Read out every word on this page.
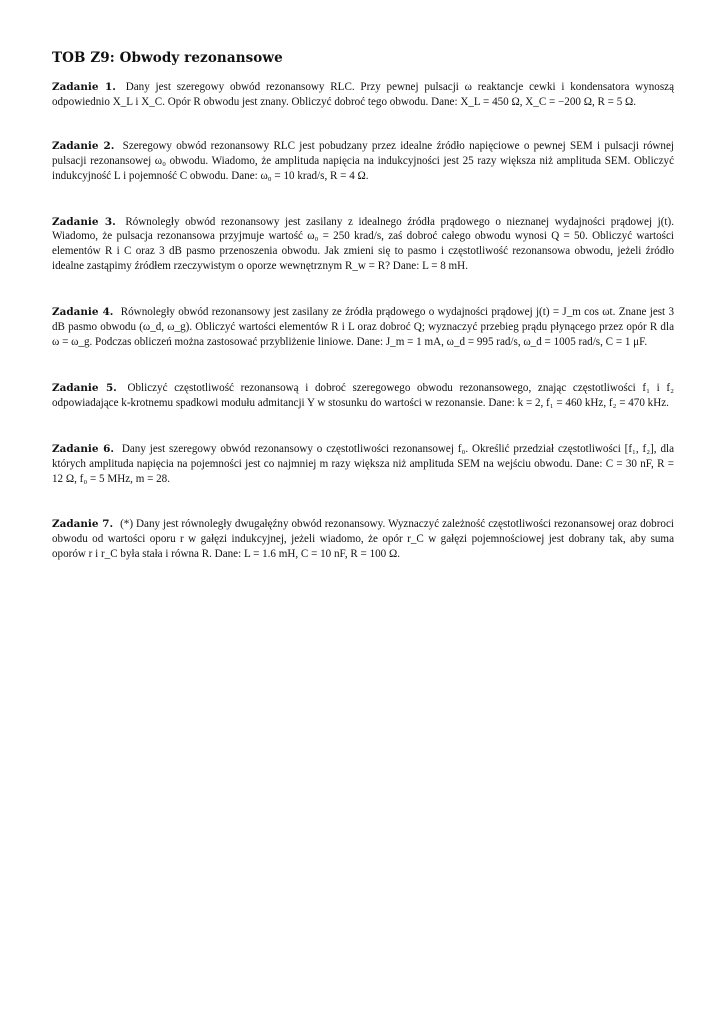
TOB Z9: Obwody rezonansowe

Zadanie 1. Dany jest szeregowy obwód rezonansowy RLC. Przy pewnej pulsacji ω reaktancje cewki i kondensatora wynoszą odpowiednio X_L i X_C. Opór R obwodu jest znany. Obliczyć dobroć tego obwodu. Dane: X_L = 450 Ω, X_C = −200 Ω, R = 5 Ω.

Zadanie 2. Szeregowy obwód rezonansowy RLC jest pobudzany przez idealne źródło napięciowe o pewnej SEM i pulsacji równej pulsacji rezonansowej ω₀ obwodu. Wiadomo, że amplituda napięcia na indukcyjności jest 25 razy większa niż amplituda SEM. Obliczyć indukcyjność L i pojemność C obwodu. Dane: ω₀ = 10 krad/s, R = 4 Ω.

Zadanie 3. Równoległy obwód rezonansowy jest zasilany z idealnego źródła prądowego o nieznanej wydajności prądowej j(t). Wiadomo, że pulsacja rezonansowa przyjmuje wartość ω₀ = 250 krad/s, zaś dobroć całego obwodu wynosi Q = 50. Obliczyć wartości elementów R i C oraz 3 dB pasmo przenoszenia obwodu. Jak zmieni się to pasmo i częstotliwość rezonansowa obwodu, jeżeli źródło idealne zastąpimy źródłem rzeczywistym o oporze wewnętrznym R_w = R? Dane: L = 8 mH.

Zadanie 4. Równoległy obwód rezonansowy jest zasilany ze źródła prądowego o wydajności prądowej j(t) = J_m cos ωt. Znane jest 3 dB pasmo obwodu (ω_d, ω_g). Obliczyć wartości elementów R i L oraz dobroć Q; wyznaczyć przebieg prądu płynącego przez opór R dla ω = ω_g. Podczas obliczeń można zastosować przybliżenie liniowe. Dane: J_m = 1 mA, ω_d = 995 rad/s, ω_d = 1005 rad/s, C = 1 μF.

Zadanie 5. Obliczyć częstotliwość rezonansową i dobroć szeregowego obwodu rezonansowego, znając częstotliwości f₁ i f₂ odpowiadające k-krotnemu spadkowi modułu admitancji Y w stosunku do wartości w rezonansie. Dane: k = 2, f₁ = 460 kHz, f₂ = 470 kHz.

Zadanie 6. Dany jest szeregowy obwód rezonansowy o częstotliwości rezonansowej f₀. Określić przedział częstotliwości [f₁, f₂], dla których amplituda napięcia na pojemności jest co najmniej m razy większa niż amplituda SEM na wejściu obwodu. Dane: C = 30 nF, R = 12 Ω, f₀ = 5 MHz, m = 28.

Zadanie 7. (*) Dany jest równoległy dwugałęźny obwód rezonansowy. Wyznaczyć zależność częstotliwości rezonansowej oraz dobroci obwodu od wartości oporu r w gałęzi indukcyjnej, jeżeli wiadomo, że opór r_C w gałęzi pojemnościowej jest dobrany tak, aby suma oporów r i r_C była stała i równa R. Dane: L = 1.6 mH, C = 10 nF, R = 100 Ω.
